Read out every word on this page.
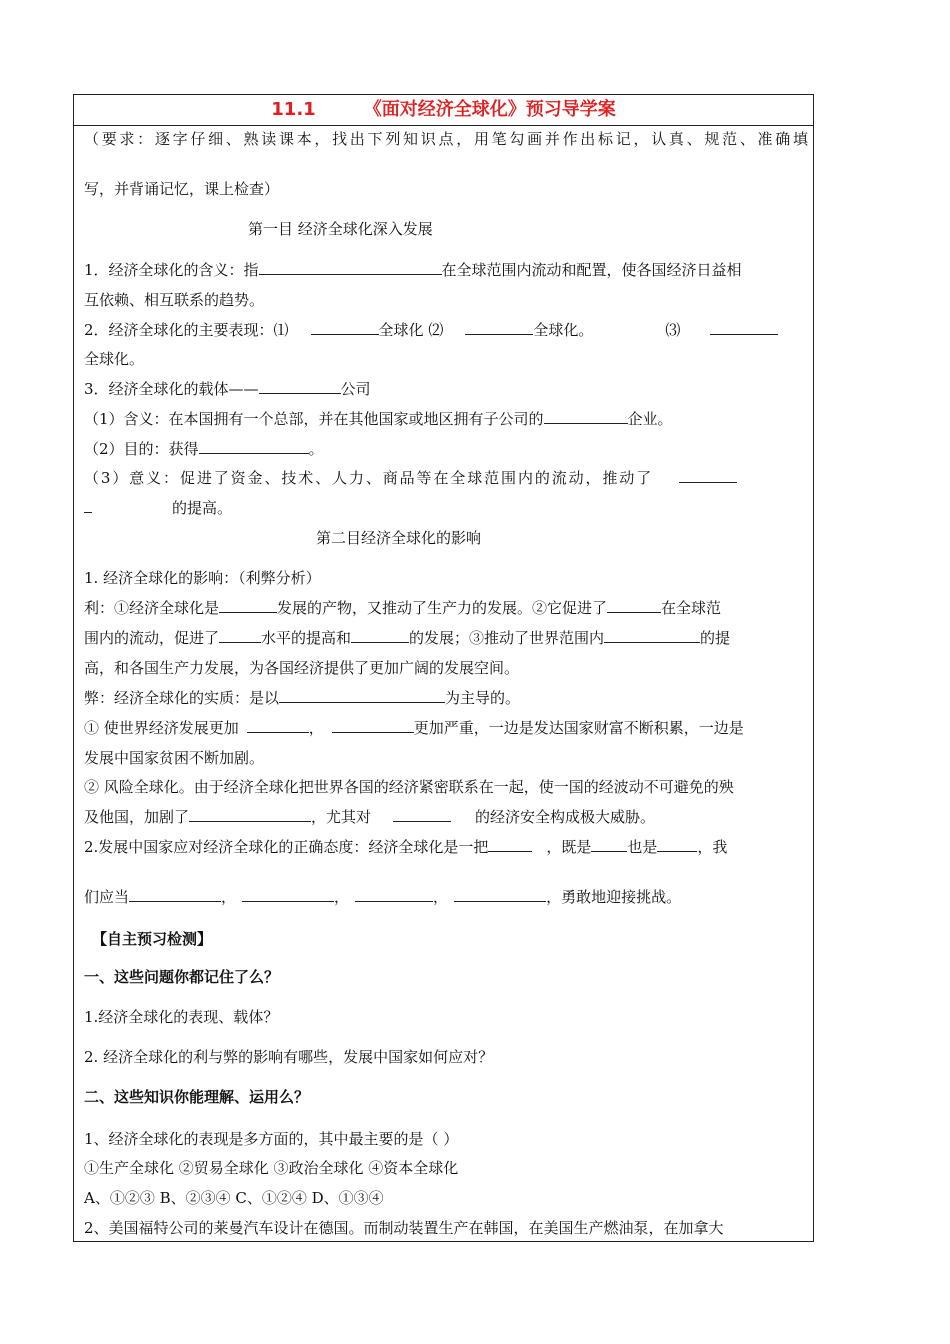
11.1	《面对经济全球化》预习导学案
（要求：逐字仔细、熟读课本，找出下列知识点，用笔勾画并作出标记，认真、规范、准确填
写，并背诵记忆，课上检查）
第一目 经济全球化深入发展
1．经济全球化的含义：指	在全球范围内流动和配置，使各国经济日益相
互依赖、相互联系的趋势。
2．经济全球化的主要表现：⑴	全球化 ⑵	全球化。	⑶
全球化。
3．经济全球化的载体——	公司
（1）含义：在本国拥有一个总部，并在其他国家或地区拥有子公司的	企业。
（2）目的：获得	。
（3）意义：促进了资金、技术、人力、商品等在全球范围内的流动，推动了
的提高。
第二目经济全球化的影响
1. 经济全球化的影响：（利弊分析）
利：①经济全球化是	发展的产物，又推动了生产力的发展。②它促进了	在全球范
围内的流动，促进了	水平的提高和	的发展；③推动了世界范围内	的提
高，和各国生产力发展，为各国经济提供了更加广阔的发展空间。
弊：经济全球化的实质：是以	为主导的。
① 使世界经济发展更加	，	更加严重，一边是发达国家财富不断积累，一边是
发展中国家贫困不断加剧。
② 风险全球化。由于经济全球化把世界各国的经济紧密联系在一起，使一国的经波动不可避免的殃
及他国，加剧了	，尤其对	的经济安全构成极大威胁。
2.发展中国家应对经济全球化的正确态度：经济全球化是一把	，既是 也是	，我
们应当	，	，	，	，勇敢地迎接挑战。
【自主预习检测】
一、这些问题你都记住了么？
1.经济全球化的表现、载体？
2. 经济全球化的利与弊的影响有哪些，发展中国家如何应对？
二、这些知识你能理解、运用么？
1、经济全球化的表现是多方面的，其中最主要的是（ ）
①生产全球化 ②贸易全球化 ③政治全球化 ④资本全球化
A、①②③ B、②③④ C、①②④ D、①③④
2、美国福特公司的莱曼汽车设计在德国。而制动装置生产在韩国，在美国生产燃油泵，在加拿大
